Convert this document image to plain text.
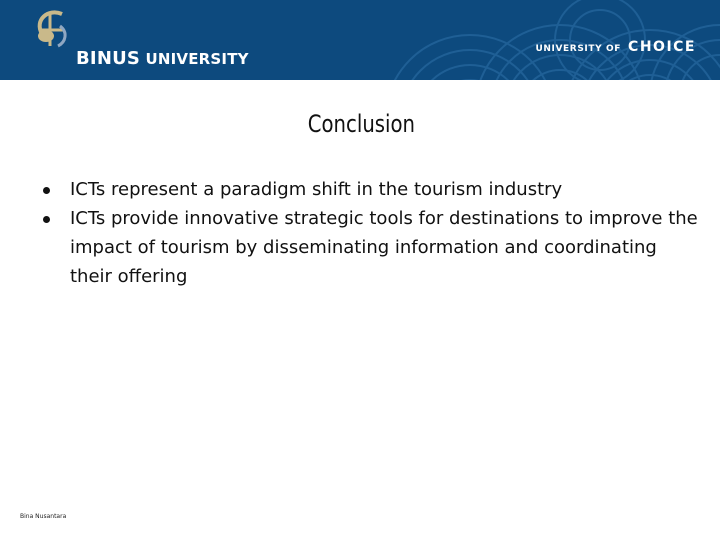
BINUS UNIVERSITY
UNIVERSITY OF CHOICE
Conclusion
ICTs represent a paradigm shift in the tourism industry
ICTs provide innovative strategic tools for destinations to improve the impact of tourism by disseminating information and coordinating their offering
Bina Nusantara
